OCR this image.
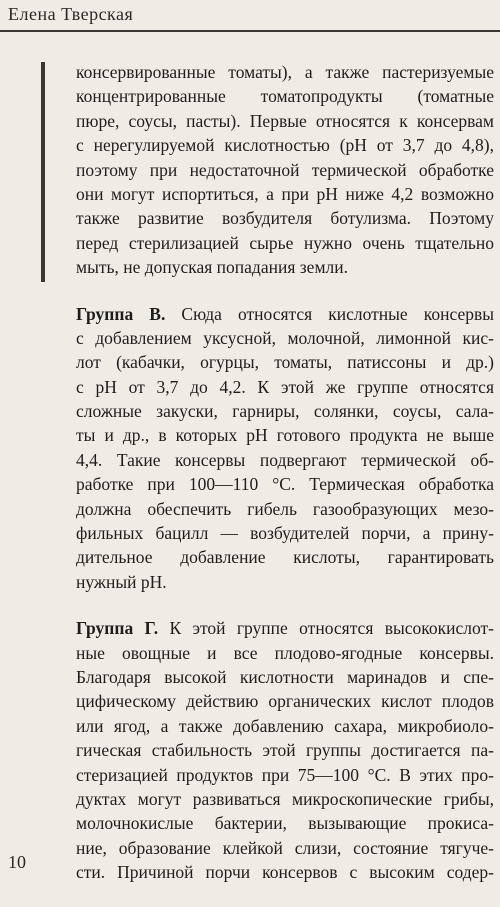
Елена Тверская
консервированные томаты), а также пастеризуемые
концентрированные томатопродукты (томатные
пюре, соусы, пасты). Первые относятся к консервам
с нерегулируемой кислотностью (рН от 3,7 до 4,8),
поэтому при недостаточной термической обработке
они могут испортиться, а при рН ниже 4,2 возможно
также развитие возбудителя ботулизма. Поэтому
перед стерилизацией сырье нужно очень тщательно
мыть, не допуская попадания земли.
Группа В. Сюда относятся кислотные консервы
с добавлением уксусной, молочной, лимонной кис-
лот (кабачки, огурцы, томаты, патиссоны и др.)
с рН от 3,7 до 4,2. К этой же группе относятся
сложные закуски, гарниры, солянки, соусы, сала-
ты и др., в которых рН готового продукта не выше
4,4. Такие консервы подвергают термической об-
работке при 100—110 °С. Термическая обработка
должна обеспечить гибель газообразующих мезо-
фильных бацилл — возбудителей порчи, а прину-
дительное добавление кислоты, гарантировать
нужный рН.
Группа Г. К этой группе относятся высококислот-
ные овощные и все плодово-ягодные консервы.
Благодаря высокой кислотности маринадов и спе-
цифическому действию органических кислот плодов
или ягод, а также добавлению сахара, микробиоло-
гическая стабильность этой группы достигается па-
стеризацией продуктов при 75—100 °С. В этих про-
дуктах могут развиваться микроскопические грибы,
молочнокислые бактерии, вызывающие прокиса-
ние, образование клейкой слизи, состояние тягуче-
сти. Причиной порчи консервов с высоким содер-
10
